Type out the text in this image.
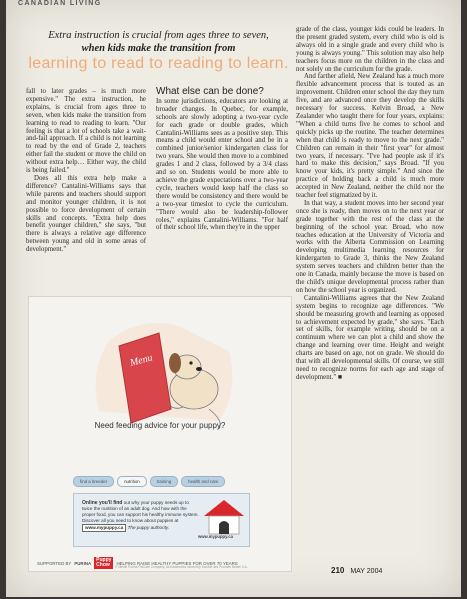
CANADIAN LIVING
Extra instruction is crucial from ages three to seven,
when kids make the transition from
learning to read to reading to learn.

fall to later grades – is much more expensive." The extra instruction, he explains, is crucial from ages three to seven, when kids make the transition from learning to read to reading to learn. "Our feeling is that a lot of schools take a wait-and-fail approach. If a child is not learning to read by the end of Grade 2, teachers either fail the student or move the child on without extra help… Either way, the child is being failed."

Does all this extra help make a difference? Cantalini-Williams says that while parents and teachers should support and monitor younger children, it is not possible to force development of certain skills and concepts. "Extra help does benefit younger children," she says, "but there is always a relative age difference between young and old in some areas of development."

What else can be done?

In some jurisdictions, educators are looking at broader changes. In Quebec, for example, schools are slowly adopting a two-year cycle for each grade or double grades, which Cantalini-Williams sees as a positive step. This means a child would enter school and be in a combined junior/senior kindergarten class for two years. She would then move to a combined grades 1 and 2 class, followed by a 3/4 class and so on. Students would be more able to achieve the grade expectations over a two-year cycle, teachers would keep half the class so there would be consistency and there would be a two-year timeslot to cycle the curriculum. "There would also be leadership-follower roles," explains Cantalini-Williams. "For half of their school life, when they're in the upper

grade of the class, younger kids could be leaders. In the present graded system, every child who is old is always old in a single grade and every child who is young is always young." This solution may also help teachers focus more on the children in the class and not solely on the curriculum for the grade.

And farther afield, New Zealand has a much more flexible advancement process that is touted as an improvement. Children enter school the day they turn five, and are advanced once they develop the skills necessary for success. Kelvin Broad, a New Zealander who taught there for four years, explains: "When a child turns five he comes to school and quickly picks up the routine. The teacher determines when that child is ready to move to the next grade." Children can remain in their "first year" for almost two years, if necessary. "I've had people ask if it's hard to make this decision," says Broad. "If you know your kids, it's pretty simple." And since the practice of holding back a child is much more accepted in New Zealand, neither the child nor the teacher feel stigmatized by it.

In that way, a student moves into her second year once she is ready, then moves on to the next year or grade together with the rest of the class at the beginning of the school year. Broad, who now teaches education at the University of Victoria and works with the Alberta Commission on Learning developing multimedia learning resources for kindergarten to Grade 3, thinks the New Zealand system serves teachers and children better than the one in Canada, mainly because the move is based on the child's unique developmental process rather than on how the school year is organized.

Cantalini-Williams agrees that the New Zealand system begins to recognize age differences. "We should be measuring growth and learning as opposed to achievement expected by grade," she says. "Each set of skills, for example writing, should be on a continuum where we can plot a child and show the change and learning over time. Height and weight charts are based on age, not on grade. We should do that with all developmental skills. Of course, we still need to recognize norms for each age and stage of development." ■

Menu
Need feeding advice for your puppy?
find a breeder	nutrition	training	health and care
Online you'll find out why your puppy needs up to twice the nutrition of an adult dog. And how with the proper food, you can support his healthy immune system. Discover all you need to know about puppies at www.mypuppy.ca The puppy authority.
www.mypuppy.ca
SUPPORTED BY PURINA	Puppy
Chow	HELPING RAISE HEALTHY PUPPIES FOR OVER 70 YEARS
© Nestlé Purina PetCare Company. All trademarks owned by Société des Produits Nestlé S.A.	210 MAY 2004
